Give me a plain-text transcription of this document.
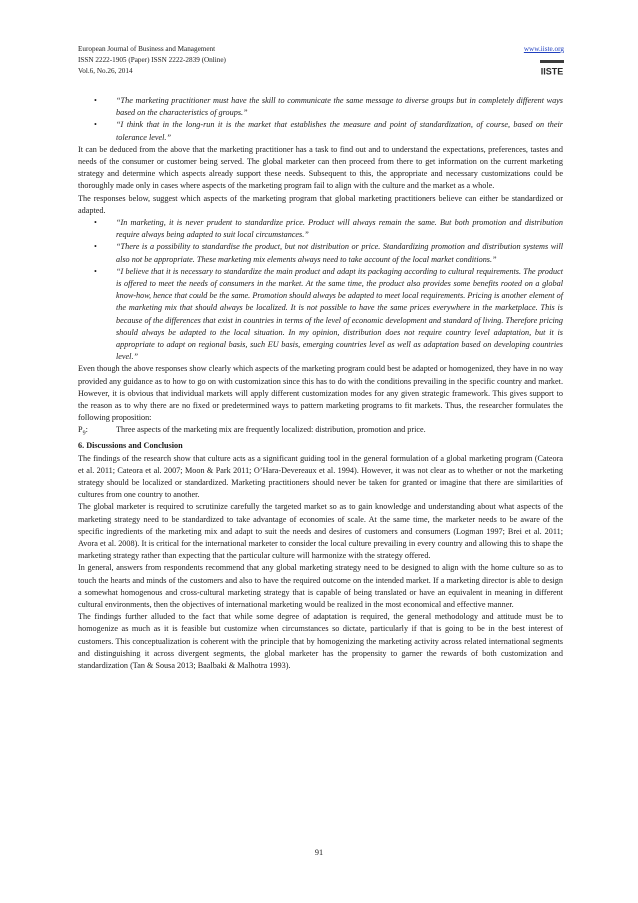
European Journal of Business and Management
ISSN 2222-1905 (Paper) ISSN 2222-2839 (Online)
Vol.6, No.26, 2014
www.iiste.org
IISTE
• “The marketing practitioner must have the skill to communicate the same message to diverse groups but in completely different ways based on the characteristics of groups.”
• “I think that in the long-run it is the market that establishes the measure and point of standardization, of course, based on their tolerance level.”

It can be deduced from the above that the marketing practitioner has a task to find out and to understand the expectations, preferences, tastes and needs of the consumer or customer being served. The global marketer can then proceed from there to get information on the current marketing strategy and determine which aspects already support these needs. Subsequent to this, the appropriate and necessary customizations could be thoroughly made only in cases where aspects of the marketing program fail to align with the culture and the market as a whole.

The responses below, suggest which aspects of the marketing program that global marketing practitioners believe can either be standardized or adapted.

• “In marketing, it is never prudent to standardize price. Product will always remain the same. But both promotion and distribution require always being adapted to suit local circumstances.”
• “There is a possibility to standardise the product, but not distribution or price. Standardizing promotion and distribution systems will also not be appropriate. These marketing mix elements always need to take account of the local market conditions.”
• “I believe that it is necessary to standardize the main product and adapt its packaging according to cultural requirements. The product is offered to meet the needs of consumers in the market. At the same time, the product also provides some benefits rooted on a global know-how, hence that could be the same. Promotion should always be adapted to meet local requirements. Pricing is another element of the marketing mix that should always be localized. It is not possible to have the same prices everywhere in the marketplace. This is because of the differences that exist in countries in terms of the level of economic development and standard of living. Therefore pricing should always be adapted to the local situation. In my opinion, distribution does not require country level adaptation, but it is appropriate to adapt on regional basis, such EU basis, emerging countries level as well as adaptation based on developing countries level.”

Even though the above responses show clearly which aspects of the marketing program could best be adapted or homogenized, they have in no way provided any guidance as to how to go on with customization since this has to do with the conditions prevailing in the specific country and market. However, it is obvious that individual markets will apply different customization modes for any given strategic framework. This gives support to the reason as to why there are no fixed or predetermined ways to pattern marketing programs to fit markets. Thus, the researcher formulates the following proposition:

$P_9$:	Three aspects of the marketing mix are frequently localized: distribution, promotion and price.

6. Discussions and Conclusion

The findings of the research show that culture acts as a significant guiding tool in the general formulation of a global marketing program (Cateora et al. 2011; Cateora et al. 2007; Moon & Park 2011; O’Hara-Devereaux et al. 1994). However, it was not clear as to whether or not the marketing strategy should be localized or standardized. Marketing practitioners should never be taken for granted or imagine that there are similarities of cultures from one country to another.

The global marketer is required to scrutinize carefully the targeted market so as to gain knowledge and understanding about what aspects of the marketing strategy need to be standardized to take advantage of economies of scale. At the same time, the marketer needs to be aware of the specific ingredients of the marketing mix and adapt to suit the needs and desires of customers and consumers (Logman 1997; Brei et al. 2011; Avora et al. 2008). It is critical for the international marketer to consider the local culture prevailing in every country and allowing this to shape the marketing strategy rather than expecting that the particular culture will harmonize with the strategy offered.

In general, answers from respondents recommend that any global marketing strategy need to be designed to align with the home culture so as to touch the hearts and minds of the customers and also to have the required outcome on the intended market. If a marketing director is able to design a somewhat homogenous and cross-cultural marketing strategy that is capable of being translated or have an equivalent in meaning in different cultural environments, then the objectives of international marketing would be realized in the most economical and effective manner.

The findings further alluded to the fact that while some degree of adaptation is required, the general methodology and attitude must be to homogenize as much as it is feasible but customize when circumstances so dictate, particularly if that is going to be in the best interest of customers. This conceptualization is coherent with the principle that by homogenizing the marketing activity across related international segments and distinguishing it across divergent segments, the global marketer has the propensity to garner the rewards of both customization and standardization (Tan & Sousa 2013; Baalbaki & Malhotra 1993).

91
